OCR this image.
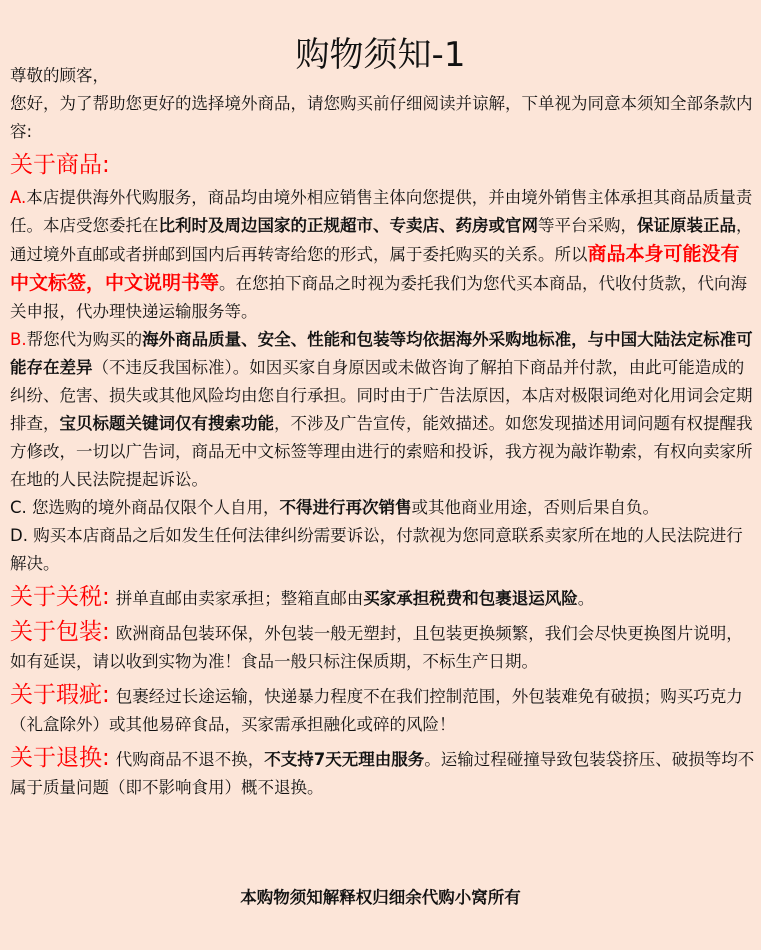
购物须知-1

尊敬的顾客，

您好，为了帮助您更好的选择境外商品，请您购买前仔细阅读并谅解，下单视为同意本须知全部条款内容:

关于商品:

A.本店提供海外代购服务，商品均由境外相应销售主体向您提供，并由境外销售主体承担其商品质量责任。本店受您委托在比利时及周边国家的正规超市、专卖店、药房或官网等平台采购，保证原装正品，通过境外直邮或者拼邮到国内后再转寄给您的形式，属于委托购买的关系。所以商品本身可能没有中文标签，中文说明书等。在您拍下商品之时视为委托我们为您代买本商品，代收付货款，代向海关申报，代办理快递运输服务等。

B.帮您代为购买的海外商品质量、安全、性能和包装等均依据海外采购地标准，与中国大陆法定标准可能存在差异（不违反我国标准）。如因买家自身原因或未做咨询了解拍下商品并付款，由此可能造成的纠纷、危害、损失或其他风险均由您自行承担。同时由于广告法原因，本店对极限词绝对化用词会定期排查，宝贝标题关键词仅有搜索功能，不涉及广告宣传，能效描述。如您发现描述用词问题有权提醒我方修改，一切以广告词，商品无中文标签等理由进行的索赔和投诉，我方视为敲诈勒索，有权向卖家所在地的人民法院提起诉讼。

C. 您选购的境外商品仅限个人自用，不得进行再次销售或其他商业用途，否则后果自负。

D. 购买本店商品之后如发生任何法律纠纷需要诉讼，付款视为您同意联系卖家所在地的人民法院进行解决。

关于关税: 拼单直邮由卖家承担；整箱直邮由买家承担税费和包裹退运风险。

关于包装: 欧洲商品包装环保，外包装一般无塑封，且包装更换频繁，我们会尽快更换图片说明，如有延误，请以收到实物为准！食品一般只标注保质期，不标生产日期。

关于瑕疵: 包裹经过长途运输，快递暴力程度不在我们控制范围，外包装难免有破损；购买巧克力（礼盒除外）或其他易碎食品，买家需承担融化或碎的风险！

关于退换: 代购商品不退不换，不支持7天无理由服务。运输过程碰撞导致包装袋挤压、破损等均不属于质量问题（即不影响食用）概不退换。

本购物须知解释权归细余代购小窝所有
